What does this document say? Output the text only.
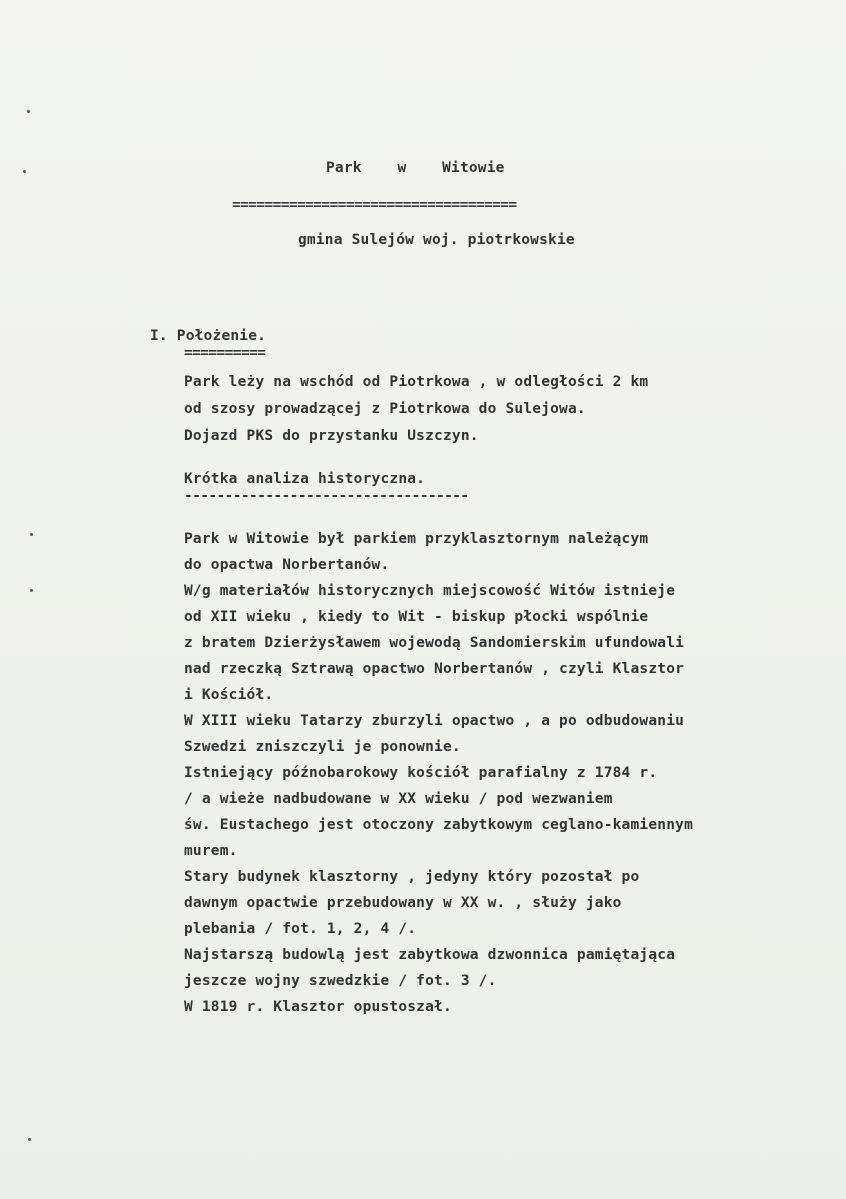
Park    w    Witowie
===================================
gmina Sulejów woj. piotrkowskie
I. Położenie.
==========
Park leży na wschód od Piotrkowa , w odległości 2 km
od szosy prowadzącej z Piotrkowa do Sulejowa.
Dojazd PKS do przystanku Uszczyn.
Krótka analiza historyczna.
-----------------------------------
Park w Witowie był parkiem przyklasztornym należącym
do opactwa Norbertanów.
W/g materiałów historycznych miejscowość Witów istnieje
od XII wieku , kiedy to Wit - biskup płocki wspólnie
z bratem Dzierżysławem wojewodą Sandomierskim ufundowali
nad rzeczką Sztrawą opactwo Norbertanów , czyli Klasztor
i Kościół.
W XIII wieku Tatarzy zburzyli opactwo , a po odbudowaniu
Szwedzi zniszczyli je ponownie.
Istniejący późnobarokowy kościół parafialny z 1784 r.
/ a wieże nadbudowane w XX wieku / pod wezwaniem
św. Eustachego jest otoczony zabytkowym ceglano-kamiennym
murem.
Stary budynek klasztorny , jedyny który pozostał po
dawnym opactwie przebudowany w XX w. , służy jako
plebania / fot. 1, 2, 4 /.
Najstarszą budowlą jest zabytkowa dzwonnica pamiętająca
jeszcze wojny szwedzkie / fot. 3 /.
W 1819 r. Klasztor opustoszał.
